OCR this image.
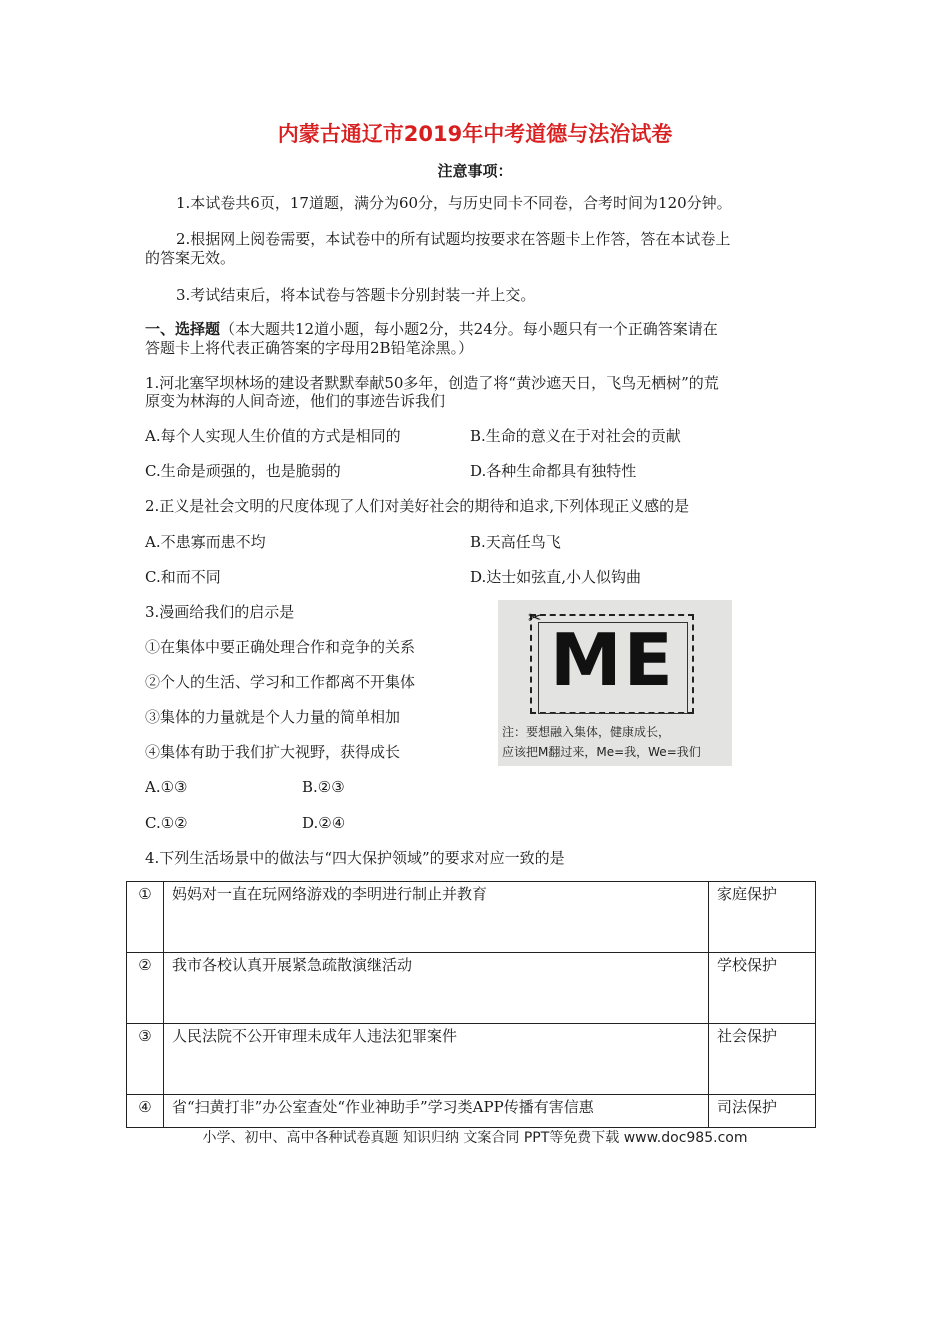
内蒙古通辽市2019年中考道德与法治试卷
注意事项：
1.本试卷共6页，17道题，满分为60分，与历史同卡不同卷，合考时间为120分钟。
2.根据网上阅卷需要，本试卷中的所有试题均按要求在答题卡上作答，答在本试卷上
的答案无效。
3.考试结束后，将本试卷与答题卡分别封装一并上交。
一、选择题（本大题共12道小题，每小题2分，共24分。每小题只有一个正确答案请在
答题卡上将代表正确答案的字母用2B铅笔涂黑。）
1.河北塞罕坝林场的建设者默默奉献50多年，创造了将“黄沙遮天日，飞鸟无栖树”的荒
原变为林海的人间奇迹，他们的事迹告诉我们
A.每个人实现人生价值的方式是相同的	B.生命的意义在于对社会的贡献
C.生命是顽强的，也是脆弱的	D.各种生命都具有独特性
2.正义是社会文明的尺度体现了人们对美好社会的期待和追求,下列体现正义感的是
A.不患寡而患不均	B.天高任鸟飞
C.和而不同	D.达士如弦直,小人似钩曲
3.漫画给我们的启示是
①在集体中要正确处理合作和竞争的关系
②个人的生活、学习和工作都离不开集体
③集体的力量就是个人力量的简单相加
④集体有助于我们扩大视野，获得成长
A.①③	B.②③
C.①②	D.②④
✂
ME
注：要想融入集体，健康成长，
应该把M翻过来，Me=我，We=我们
4.下列生活场景中的做法与“四大保护领域”的要求对应一致的是
①	妈妈对一直在玩网络游戏的李明进行制止并教育	家庭保护
②	我市各校认真开展紧急疏散演继活动	学校保护
③	人民法院不公开审理未成年人违法犯罪案件	社会保护
④	省“扫黄打非”办公室查处“作业神助手”学习类APP传播有害信惠	司法保护
小学、初中、高中各种试卷真题 知识归纳 文案合同 PPT等免费下载 www.doc985.com
